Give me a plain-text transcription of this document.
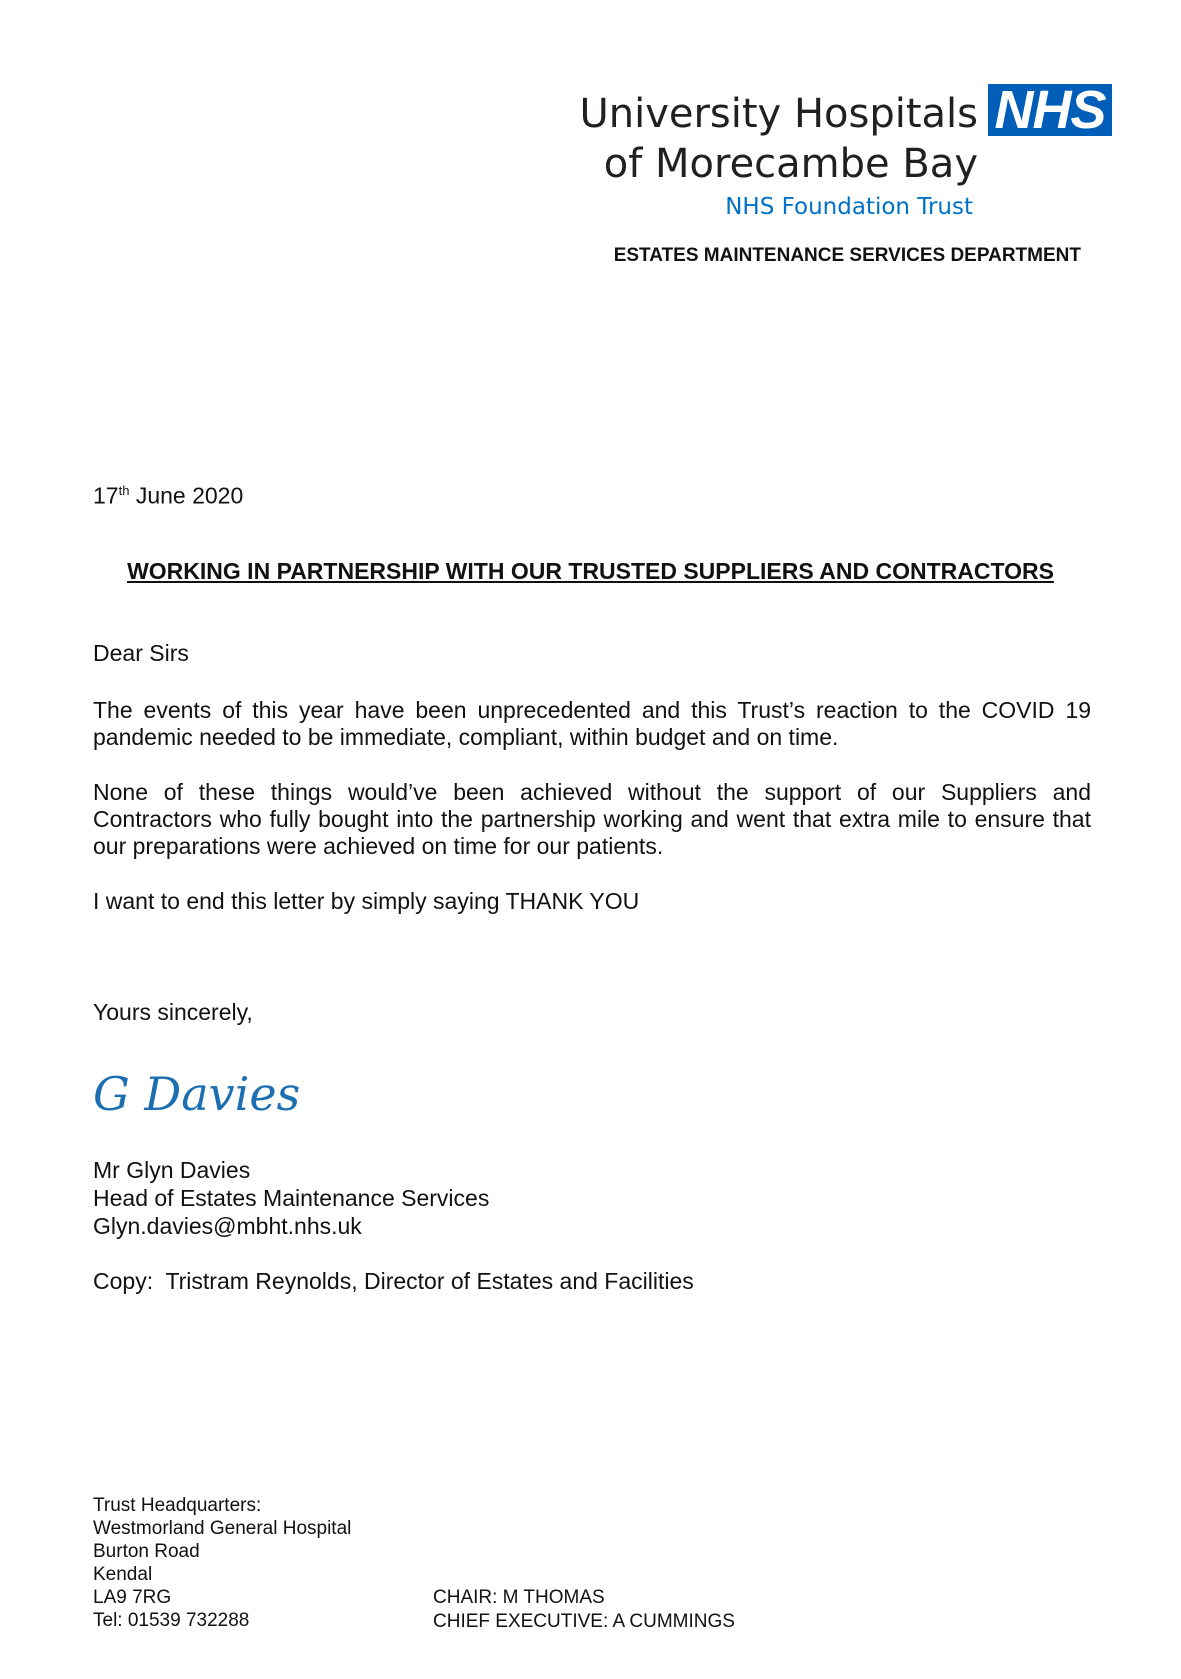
University Hospitals
of Morecambe Bay
NHS Foundation Trust
NHS
ESTATES MAINTENANCE SERVICES DEPARTMENT
17th June 2020
WORKING IN PARTNERSHIP WITH OUR TRUSTED SUPPLIERS AND CONTRACTORS
Dear Sirs
The events of this year have been unprecedented and this Trust’s reaction to the COVID 19 pandemic needed to be immediate, compliant, within budget and on time.
None of these things would’ve been achieved without the support of our Suppliers and Contractors who fully bought into the partnership working and went that extra mile to ensure that our preparations were achieved on time for our patients.
I want to end this letter by simply saying THANK YOU
Yours sincerely,
G Davies
Mr Glyn Davies
Head of Estates Maintenance Services
Glyn.davies@mbht.nhs.uk
Copy:  Tristram Reynolds, Director of Estates and Facilities
Trust Headquarters:
Westmorland General Hospital
Burton Road
Kendal
LA9 7RG
Tel: 01539 732288
CHAIR: M THOMAS
CHIEF EXECUTIVE: A CUMMINGS
